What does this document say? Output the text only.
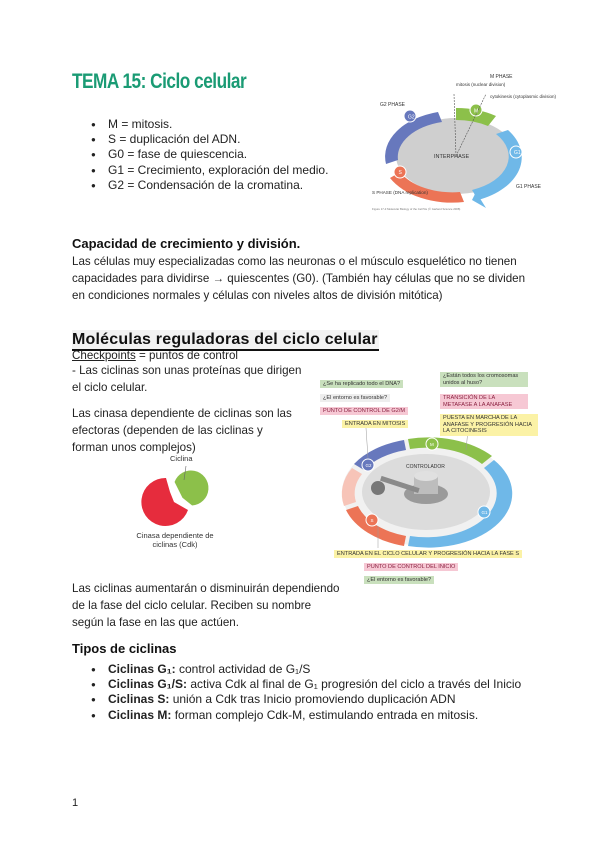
TEMA 15: Ciclo celular
● M = mitosis.
● S = duplicación del ADN.
● G0 = fase de quiescencia.
● G1 = Crecimiento, exploración del medio.
● G2 = Condensación de la cromatina.
G2
M
S
G1
INTERPHASE
M PHASE
mitosis (nuclear division)
cytokinesis (cytoplasmic division)
G2 PHASE
G1 PHASE
S PHASE (DNA replication)
Figure 17-3 Molecular Biology of the Cell 5/e (© Garland Science 2008)
Capacidad de crecimiento y división.
Las células muy especializadas como las neuronas o el músculo esquelético no tienen capacidades para dividirse → quiescentes (G0). (También hay células que no se dividen en condiciones normales y células con niveles altos de división mitótica)
Moléculas reguladoras del ciclo celular
Checkpoints = puntos de control
- Las ciclinas son unas proteínas que dirigen el ciclo celular.
Las cinasa dependiente de ciclinas son las efectoras (dependen de las ciclinas y forman unos complejos)
Ciclina
Cinasa dependiente de ciclinas (Cdk)
G2
M
S
G1
CONTROLADOR
¿Se ha replicado todo el DNA?
¿El entorno es favorable?
PUNTO DE CONTROL DE G2/M
ENTRADA EN MITOSIS
¿Están todos los cromosomas unidos al huso?
TRANSICIÓN DE LA METAFASE A LA ANAFASE
PUESTA EN MARCHA DE LA ANAFASE Y PROGRESIÓN HACIA LA CITOCINESIS
ENTRADA EN EL CICLO CELULAR Y PROGRESIÓN HACIA LA FASE S
PUNTO DE CONTROL DEL INICIO
¿El entorno es favorable?
Las ciclinas aumentarán o disminuirán dependiendo de la fase del ciclo celular. Reciben su nombre según la fase en las que actúen.
Tipos de ciclinas
● Ciclinas G₁: control actividad de G₁/S
● Ciclinas G₁/S: activa Cdk al final de G₁ progresión del ciclo a través del Inicio
● Ciclinas S: unión a Cdk tras Inicio promoviendo duplicación ADN
● Ciclinas M: forman complejo Cdk-M, estimulando entrada en mitosis.
1
